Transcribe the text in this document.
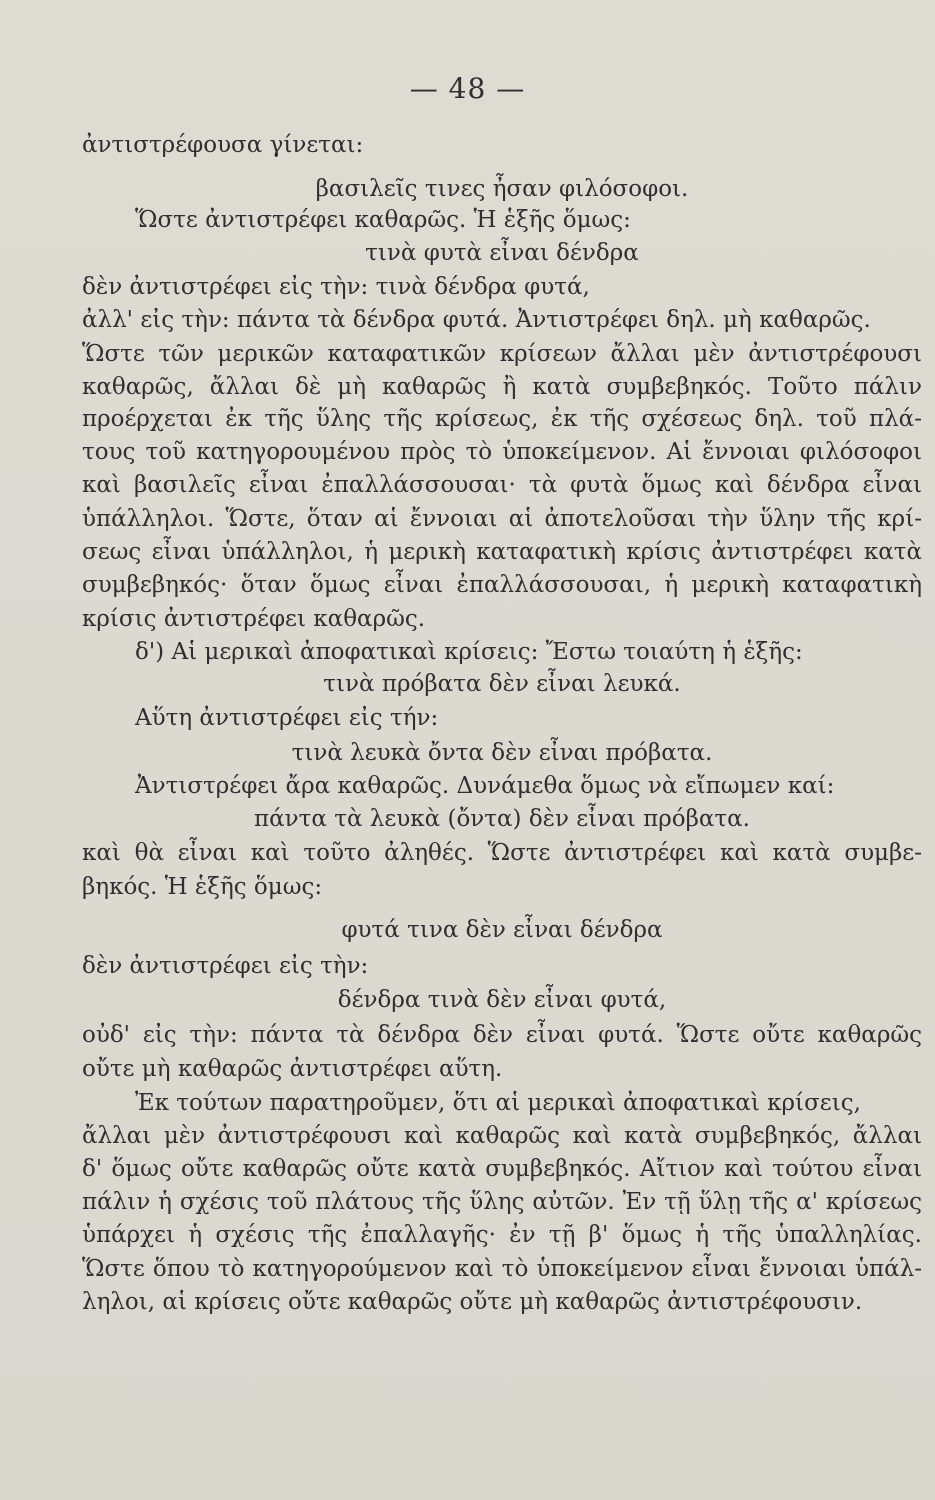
— 48 —
ἀντιστρέφουσα γίνεται:
βασιλεῖς τινες ἦσαν φιλόσοφοι.
Ὥστε ἀντιστρέφει καθαρῶς. Ἡ ἑξῆς ὅμως:
τινὰ φυτὰ εἶναι δένδρα
δὲν ἀντιστρέφει εἰς τὴν: τινὰ δένδρα φυτά,
ἀλλ' εἰς τὴν: πάντα τὰ δένδρα φυτά. Ἀντιστρέφει δηλ. μὴ καθαρῶς.
Ὥστε τῶν μερικῶν καταφατικῶν κρίσεων ἄλλαι μὲν ἀντιστρέφουσι
καθαρῶς, ἄλλαι δὲ μὴ καθαρῶς ἢ κατὰ συμβεβηκός. Τοῦτο πάλιν
προέρχεται ἐκ τῆς ὕλης τῆς κρίσεως, ἐκ τῆς σχέσεως δηλ. τοῦ πλά-
τους τοῦ κατηγορουμένου πρὸς τὸ ὑποκείμενον. Αἱ ἔννοιαι φιλόσοφοι
καὶ βασιλεῖς εἶναι ἐπαλλάσσουσαι· τὰ φυτὰ ὅμως καὶ δένδρα εἶναι
ὑπάλληλοι. Ὥστε, ὅταν αἱ ἔννοιαι αἱ ἀποτελοῦσαι τὴν ὕλην τῆς κρί-
σεως εἶναι ὑπάλληλοι, ἡ μερικὴ καταφατικὴ κρίσις ἀντιστρέφει κατὰ
συμβεβηκός· ὅταν ὅμως εἶναι ἐπαλλάσσουσαι, ἡ μερικὴ καταφατικὴ
κρίσις ἀντιστρέφει καθαρῶς.
δ') Αἱ μερικαὶ ἀποφατικαὶ κρίσεις: Ἔστω τοιαύτη ἡ ἑξῆς:
τινὰ πρόβατα δὲν εἶναι λευκά.
Αὕτη ἀντιστρέφει εἰς τήν:
τινὰ λευκὰ ὄντα δὲν εἶναι πρόβατα.
Ἀντιστρέφει ἄρα καθαρῶς. Δυνάμεθα ὅμως νὰ εἴπωμεν καί:
πάντα τὰ λευκὰ (ὄντα) δὲν εἶναι πρόβατα.
καὶ θὰ εἶναι καὶ τοῦτο ἀληθές. Ὥστε ἀντιστρέφει καὶ κατὰ συμβε-
βηκός. Ἡ ἑξῆς ὅμως:
φυτά τινα δὲν εἶναι δένδρα
δὲν ἀντιστρέφει εἰς τὴν:
δένδρα τινὰ δὲν εἶναι φυτά,
οὐδ' εἰς τὴν: πάντα τὰ δένδρα δὲν εἶναι φυτά. Ὥστε οὔτε καθαρῶς
οὔτε μὴ καθαρῶς ἀντιστρέφει αὕτη.
Ἐκ τούτων παρατηροῦμεν, ὅτι αἱ μερικαὶ ἀποφατικαὶ κρίσεις,
ἄλλαι μὲν ἀντιστρέφουσι καὶ καθαρῶς καὶ κατὰ συμβεβηκός, ἄλλαι
δ' ὅμως οὔτε καθαρῶς οὔτε κατὰ συμβεβηκός. Αἴτιον καὶ τούτου εἶναι
πάλιν ἡ σχέσις τοῦ πλάτους τῆς ὕλης αὐτῶν. Ἐν τῇ ὕλῃ τῆς α' κρίσεως
ὑπάρχει ἡ σχέσις τῆς ἐπαλλαγῆς· ἐν τῇ β' ὅμως ἡ τῆς ὑπαλληλίας.
Ὥστε ὅπου τὸ κατηγορούμενον καὶ τὸ ὑποκείμενον εἶναι ἔννοιαι ὑπάλ-
ληλοι, αἱ κρίσεις οὔτε καθαρῶς οὔτε μὴ καθαρῶς ἀντιστρέφουσιν.
